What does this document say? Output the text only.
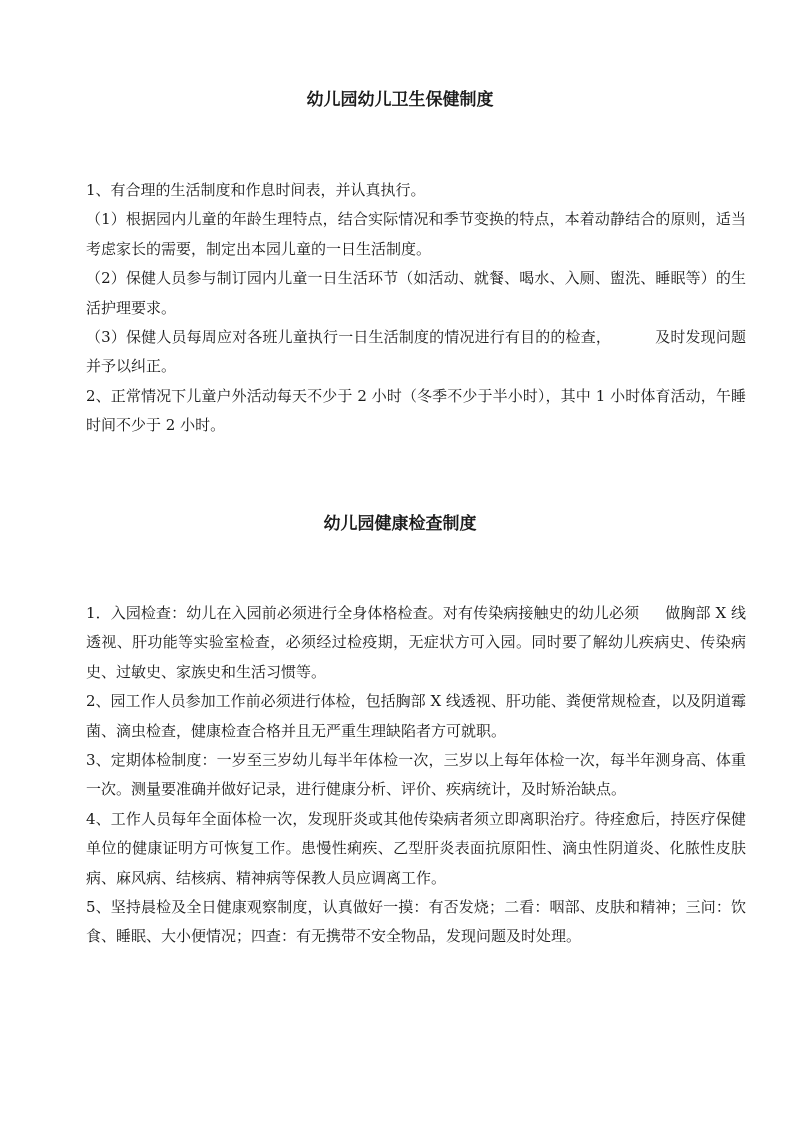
幼儿园幼儿卫生保健制度

1、有合理的生活制度和作息时间表，并认真执行。

（1）根据园内儿童的年龄生理特点，结合实际情况和季节变换的特点，本着动静结合的原则，适当考虑家长的需要，制定出本园儿童的一日生活制度。

（2）保健人员参与制订园内儿童一日生活环节（如活动、就餐、喝水、入厕、盥洗、睡眠等）的生活护理要求。

（3）保健人员每周应对各班儿童执行一日生活制度的情况进行有目的的检查，	及时发现问题并予以纠正。

2、正常情况下儿童户外活动每天不少于 2 小时（冬季不少于半小时），其中 1 小时体育活动，午睡时间不少于 2 小时。

幼儿园健康检查制度

1．入园检查：幼儿在入园前必须进行全身体格检查。对有传染病接触史的幼儿必须 做胸部 X 线透视、肝功能等实验室检查，必须经过检疫期，无症状方可入园。同时要了解幼儿疾病史、传染病史、过敏史、家族史和生活习惯等。

2、园工作人员参加工作前必须进行体检，包括胸部 X 线透视、肝功能、粪便常规检查，以及阴道霉菌、滴虫检查，健康检查合格并且无严重生理缺陷者方可就职。

3、定期体检制度：一岁至三岁幼儿每半年体检一次，三岁以上每年体检一次，每半年测身高、体重一次。测量要准确并做好记录，进行健康分析、评价、疾病统计，及时矫治缺点。

4、工作人员每年全面体检一次，发现肝炎或其他传染病者须立即离职治疗。待痊愈后，持医疗保健单位的健康证明方可恢复工作。患慢性痢疾、乙型肝炎表面抗原阳性、滴虫性阴道炎、化脓性皮肤病、麻风病、结核病、精神病等保教人员应调离工作。

5、坚持晨检及全日健康观察制度，认真做好一摸：有否发烧；二看：咽部、皮肤和精神；三问：饮食、睡眠、大小便情况；四查：有无携带不安全物品，发现问题及时处理。
